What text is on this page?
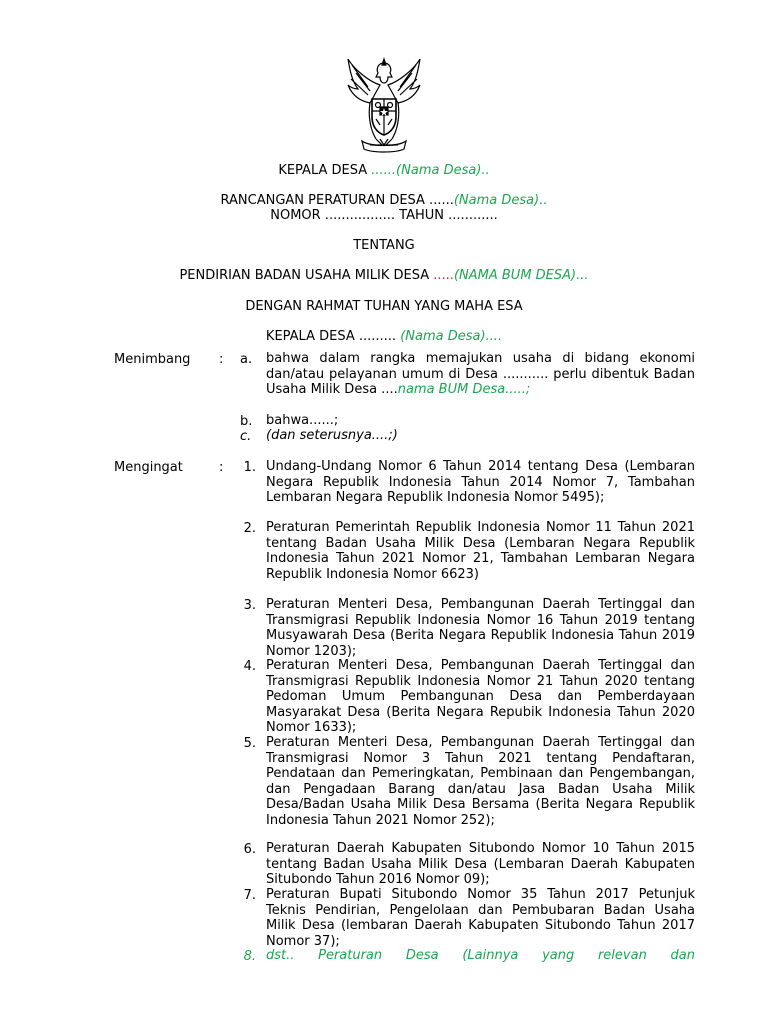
KEPALA DESA ......(Nama Desa)..
RANCANGAN PERATURAN DESA ......(Nama Desa)..
NOMOR ................. TAHUN ............
TENTANG
PENDIRIAN BADAN USAHA MILIK DESA .....(NAMA BUM DESA)...
DENGAN RAHMAT TUHAN YANG MAHA ESA
KEPALA DESA ......... (Nama Desa)....
Menimbang : a.	bahwa dalam rangka memajukan usaha di bidang ekonomi dan/atau pelayanan umum di Desa ........... perlu dibentuk Badan Usaha Milik Desa ....nama BUM Desa.....;
b.	bahwa......;
c.	(dan seterusnya....;)
Mengingat	:	1. Undang-Undang Nomor 6 Tahun 2014 tentang Desa (Lembaran Negara Republik Indonesia Tahun 2014 Nomor 7, Tambahan Lembaran Negara Republik Indonesia Nomor 5495);
2. Peraturan Pemerintah Republik Indonesia Nomor 11 Tahun 2021 tentang Badan Usaha Milik Desa (Lembaran Negara Republik Indonesia Tahun 2021 Nomor 21, Tambahan Lembaran Negara Republik Indonesia Nomor 6623)
3. Peraturan Menteri Desa, Pembangunan Daerah Tertinggal dan Transmigrasi Republik Indonesia Nomor 16 Tahun 2019 tentang Musyawarah Desa (Berita Negara Republik Indonesia Tahun 2019 Nomor 1203);
4. Peraturan Menteri Desa, Pembangunan Daerah Tertinggal dan Transmigrasi Republik Indonesia Nomor 21 Tahun 2020 tentang Pedoman Umum Pembangunan Desa dan Pemberdayaan Masyarakat Desa (Berita Negara Repubik Indonesia Tahun 2020 Nomor 1633);
5. Peraturan Menteri Desa, Pembangunan Daerah Tertinggal dan Transmigrasi Nomor 3 Tahun 2021 tentang Pendaftaran, Pendataan dan Pemeringkatan, Pembinaan dan Pengembangan, dan Pengadaan Barang dan/atau Jasa Badan Usaha Milik Desa/Badan Usaha Milik Desa Bersama (Berita Negara Republik Indonesia Tahun 2021 Nomor 252);
6. Peraturan Daerah Kabupaten Situbondo Nomor 10 Tahun 2015 tentang Badan Usaha Milik Desa (Lembaran Daerah Kabupaten Situbondo Tahun 2016 Nomor 09);
7. Peraturan Bupati Situbondo Nomor 35 Tahun 2017 Petunjuk Teknis Pendirian, Pengelolaan dan Pembubaran Badan Usaha Milik Desa (lembaran Daerah Kabupaten Situbondo Tahun 2017 Nomor 37);
8. dst.. Peraturan Desa (Lainnya yang relevan dan
